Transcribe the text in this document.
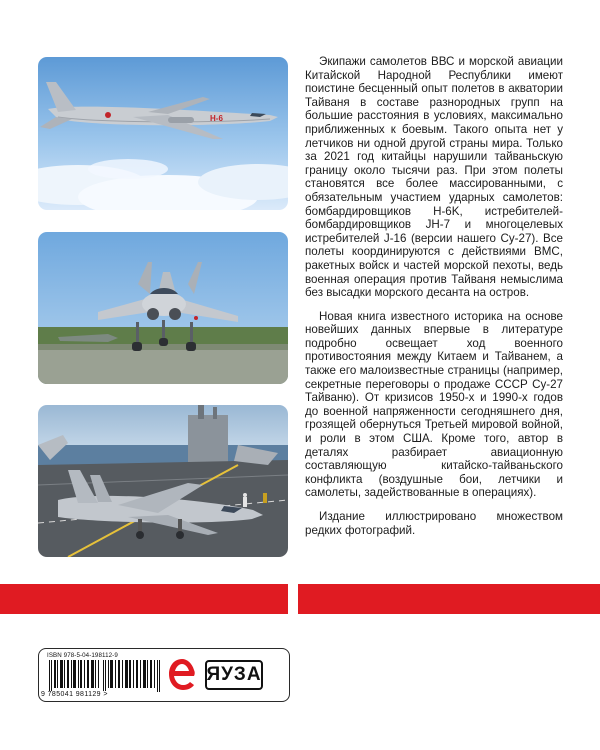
H-6

Экипажи самолетов ВВС и морской авиации Китайской Народной Республики имеют поистине бесценный опыт полетов в акватории Тайваня в составе разнородных групп на большие расстояния в условиях, максимально приближенных к боевым. Такого опыта нет у летчиков ни одной другой страны мира. Только за 2021 год китайцы нарушили тайваньскую границу около тысячи раз. При этом полеты становятся все более массированными, с обязательным участием ударных самолетов: бомбардировщиков H-6K, истребителей-бомбардировщиков JH-7 и многоцелевых истребителей J-16 (версии нашего Су-27). Все полеты координируются с действиями ВМС, ракетных войск и частей морской пехоты, ведь военная операция против Тайваня немыслима без высадки морского десанта на остров.

Новая книга известного историка на основе новейших данных впервые в литературе подробно освещает ход военного противостояния между Китаем и Тайванем, а также его малоизвестные страницы (например, секретные переговоры о продаже СССР Су-27 Тайваню). От кризисов 1950-х и 1990-х годов до военной напряженности сегодняшнего дня, грозящей обернуться Третьей мировой войной, и роли в этом США. Кроме того, автор в деталях разбирает авиационную составляющую китайско-тайваньского конфликта (воздушные бои, летчики и самолеты, задействованные в операциях).

Издание иллюстрировано множеством редких фотографий.

ISBN 978-5-04-198112-9
9 785041 981129 >
ЯУЗА
